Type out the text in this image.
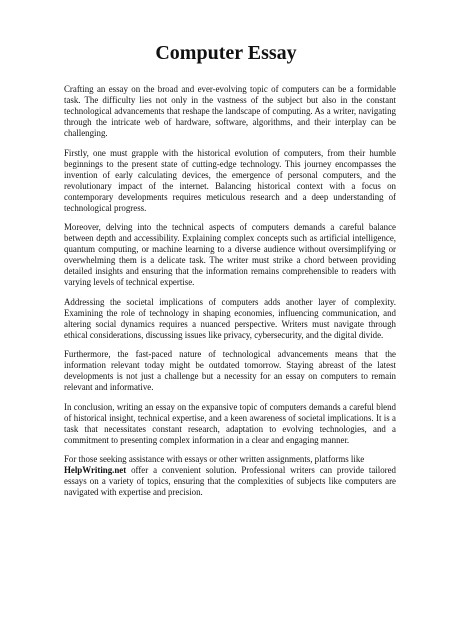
Computer Essay

Crafting an essay on the broad and ever-evolving topic of computers can be a formidable task. The difficulty lies not only in the vastness of the subject but also in the constant technological advancements that reshape the landscape of computing. As a writer, navigating through the intricate web of hardware, software, algorithms, and their interplay can be challenging.

Firstly, one must grapple with the historical evolution of computers, from their humble beginnings to the present state of cutting-edge technology. This journey encompasses the invention of early calculating devices, the emergence of personal computers, and the revolutionary impact of the internet. Balancing historical context with a focus on contemporary developments requires meticulous research and a deep understanding of technological progress.

Moreover, delving into the technical aspects of computers demands a careful balance between depth and accessibility. Explaining complex concepts such as artificial intelligence, quantum computing, or machine learning to a diverse audience without oversimplifying or overwhelming them is a delicate task. The writer must strike a chord between providing detailed insights and ensuring that the information remains comprehensible to readers with varying levels of technical expertise.

Addressing the societal implications of computers adds another layer of complexity. Examining the role of technology in shaping economies, influencing communication, and altering social dynamics requires a nuanced perspective. Writers must navigate through ethical considerations, discussing issues like privacy, cybersecurity, and the digital divide.

Furthermore, the fast-paced nature of technological advancements means that the information relevant today might be outdated tomorrow. Staying abreast of the latest developments is not just a challenge but a necessity for an essay on computers to remain relevant and informative.

In conclusion, writing an essay on the expansive topic of computers demands a careful blend of historical insight, technical expertise, and a keen awareness of societal implications. It is a task that necessitates constant research, adaptation to evolving technologies, and a commitment to presenting complex information in a clear and engaging manner.

For those seeking assistance with essays or other written assignments, platforms like
HelpWriting.net offer a convenient solution. Professional writers can provide tailored essays on a variety of topics, ensuring that the complexities of subjects like computers are navigated with expertise and precision.
